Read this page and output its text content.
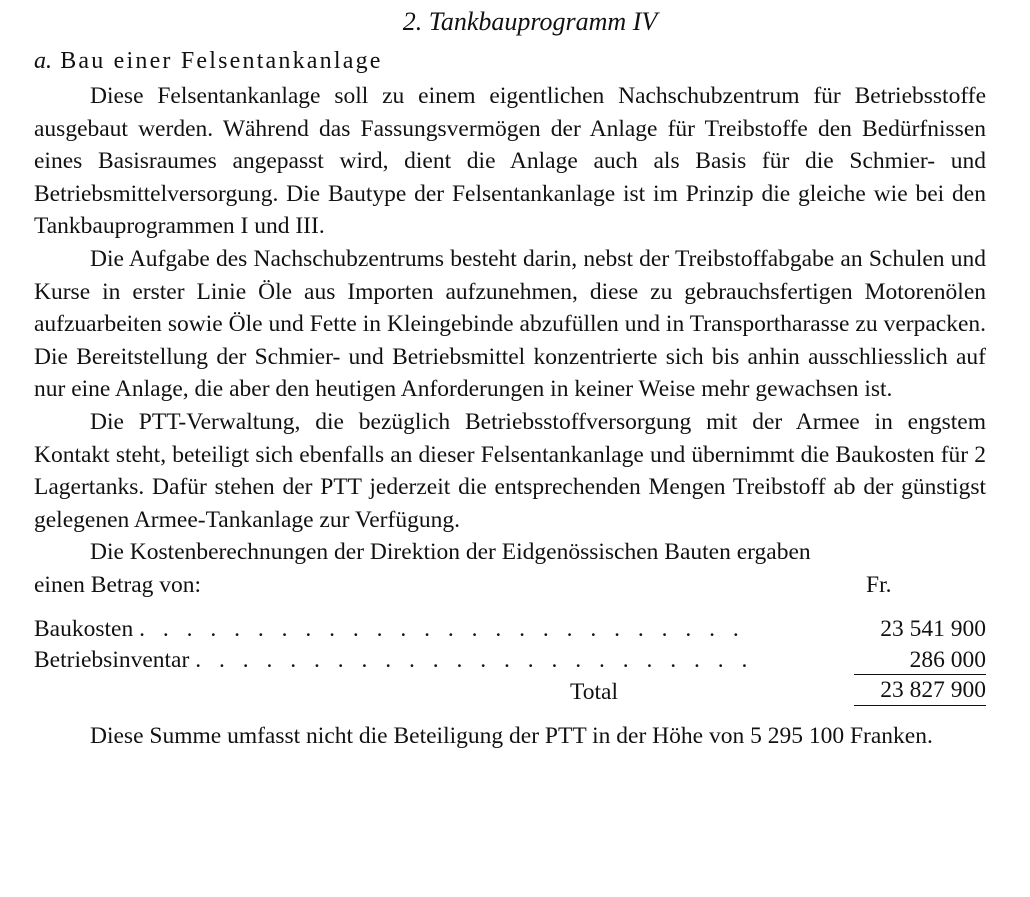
2. Tankbauprogramm IV
a. Bau einer Felsentankanlage

Diese Felsentankanlage soll zu einem eigentlichen Nachschubzentrum für Betriebsstoffe ausgebaut werden. Während das Fassungsvermögen der Anlage für Treibstoffe den Bedürfnissen eines Basisraumes angepasst wird, dient die Anlage auch als Basis für die Schmier- und Betriebsmittelversorgung. Die Bautype der Felsentankanlage ist im Prinzip die gleiche wie bei den Tankbauprogrammen I und III.

Die Aufgabe des Nachschubzentrums besteht darin, nebst der Treibstoffabgabe an Schulen und Kurse in erster Linie Öle aus Importen aufzunehmen, diese zu gebrauchsfertigen Motorenölen aufzuarbeiten sowie Öle und Fette in Kleingebinde abzufüllen und in Transportharasse zu verpacken. Die Bereitstellung der Schmier- und Betriebsmittel konzentrierte sich bis anhin ausschliesslich auf nur eine Anlage, die aber den heutigen Anforderungen in keiner Weise mehr gewachsen ist.

Die PTT-Verwaltung, die bezüglich Betriebsstoffversorgung mit der Armee in engstem Kontakt steht, beteiligt sich ebenfalls an dieser Felsentankanlage und übernimmt die Baukosten für 2 Lagertanks. Dafür stehen der PTT jederzeit die entsprechenden Mengen Treibstoff ab der günstigst gelegenen Armee-Tankanlage zur Verfügung.

Die Kostenberechnungen der Direktion der Eidgenössischen Bauten ergaben

einen Betrag von:	Fr.
Baukosten . . . . . . . . . . . . . . . . . . . . . . . . . .	23 541 900
Betriebsinventar . . . . . . . . . . . . . . . . . . . . . . . .	286 000
Total	23 827 900

Diese Summe umfasst nicht die Beteiligung der PTT in der Höhe von 5 295 100 Franken.
